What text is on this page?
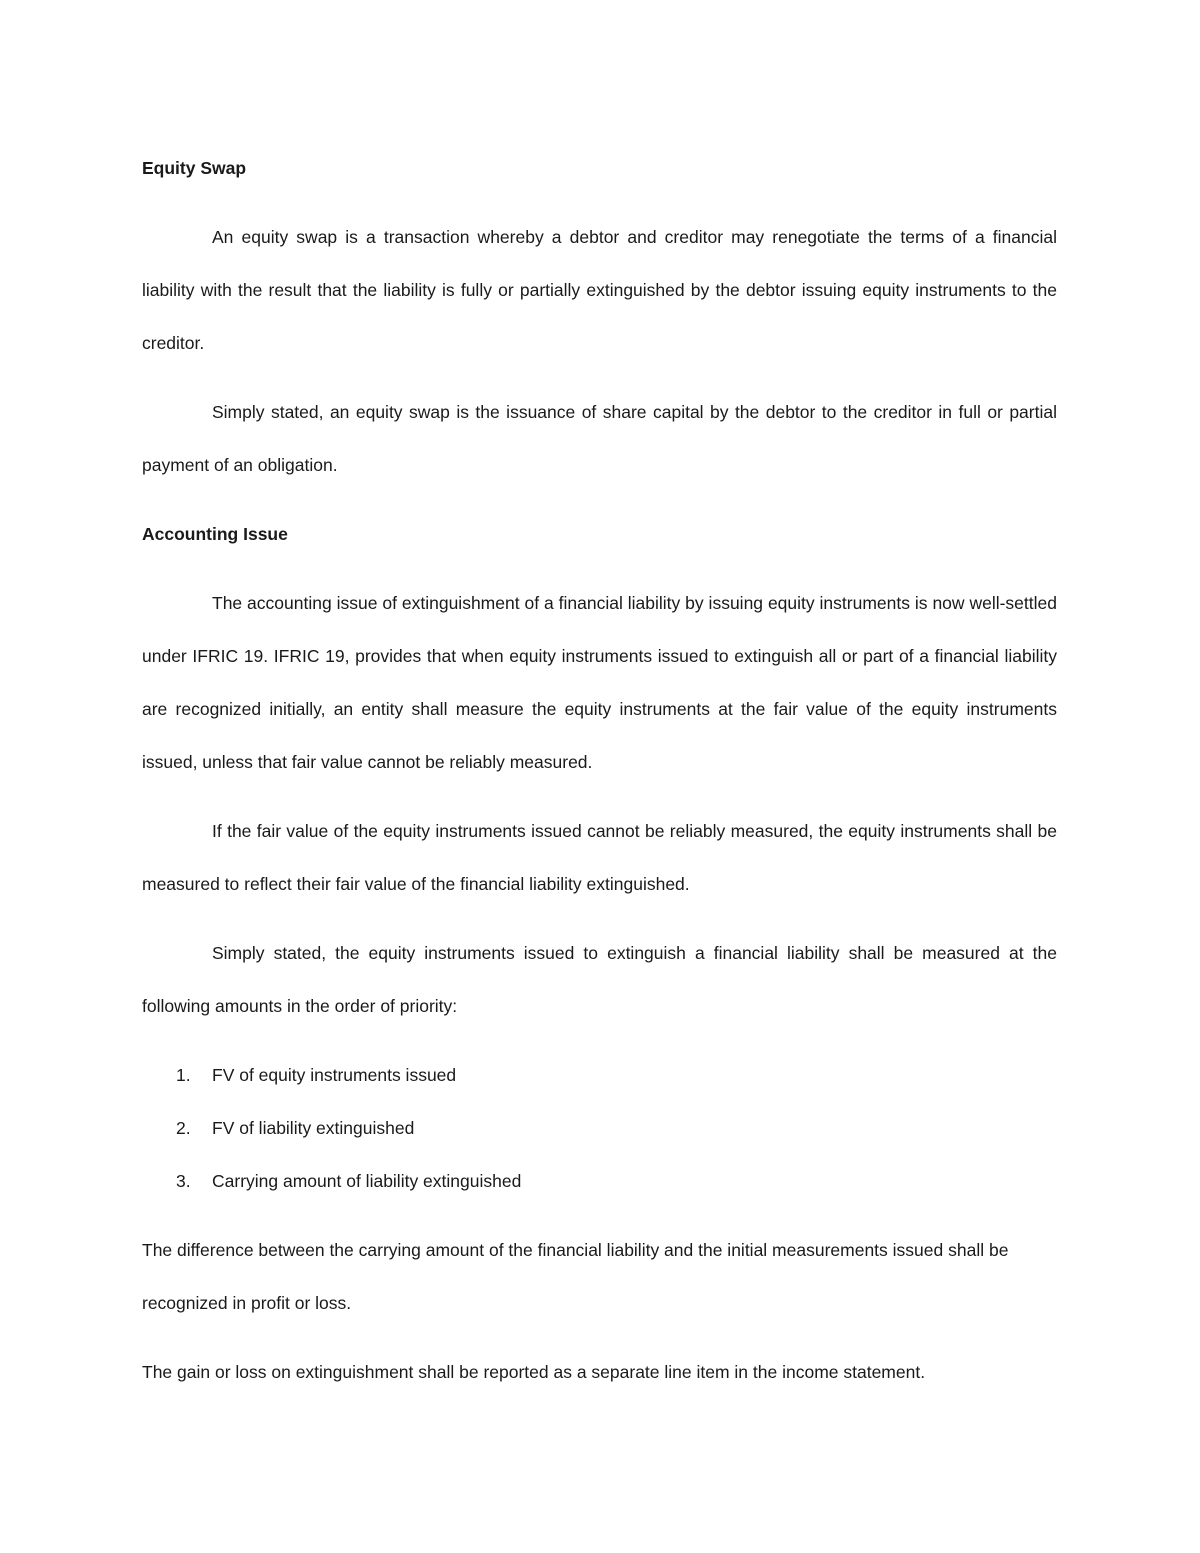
Equity Swap

An equity swap is a transaction whereby a debtor and creditor may renegotiate the terms of a financial liability with the result that the liability is fully or partially extinguished by the debtor issuing equity instruments to the creditor.

Simply stated, an equity swap is the issuance of share capital by the debtor to the creditor in full or partial payment of an obligation.

Accounting Issue

The accounting issue of extinguishment of a financial liability by issuing equity instruments is now well-settled under IFRIC 19. IFRIC 19, provides that when equity instruments issued to extinguish all or part of a financial liability are recognized initially, an entity shall measure the equity instruments at the fair value of the equity instruments issued, unless that fair value cannot be reliably measured.

If the fair value of the equity instruments issued cannot be reliably measured, the equity instruments shall be measured to reflect their fair value of the financial liability extinguished.

Simply stated, the equity instruments issued to extinguish a financial liability shall be measured at the following amounts in the order of priority:

1. FV of equity instruments issued
2. FV of liability extinguished
3. Carrying amount of liability extinguished

The difference between the carrying amount of the financial liability and the initial measurements issued shall be recognized in profit or loss.

The gain or loss on extinguishment shall be reported as a separate line item in the income statement.
